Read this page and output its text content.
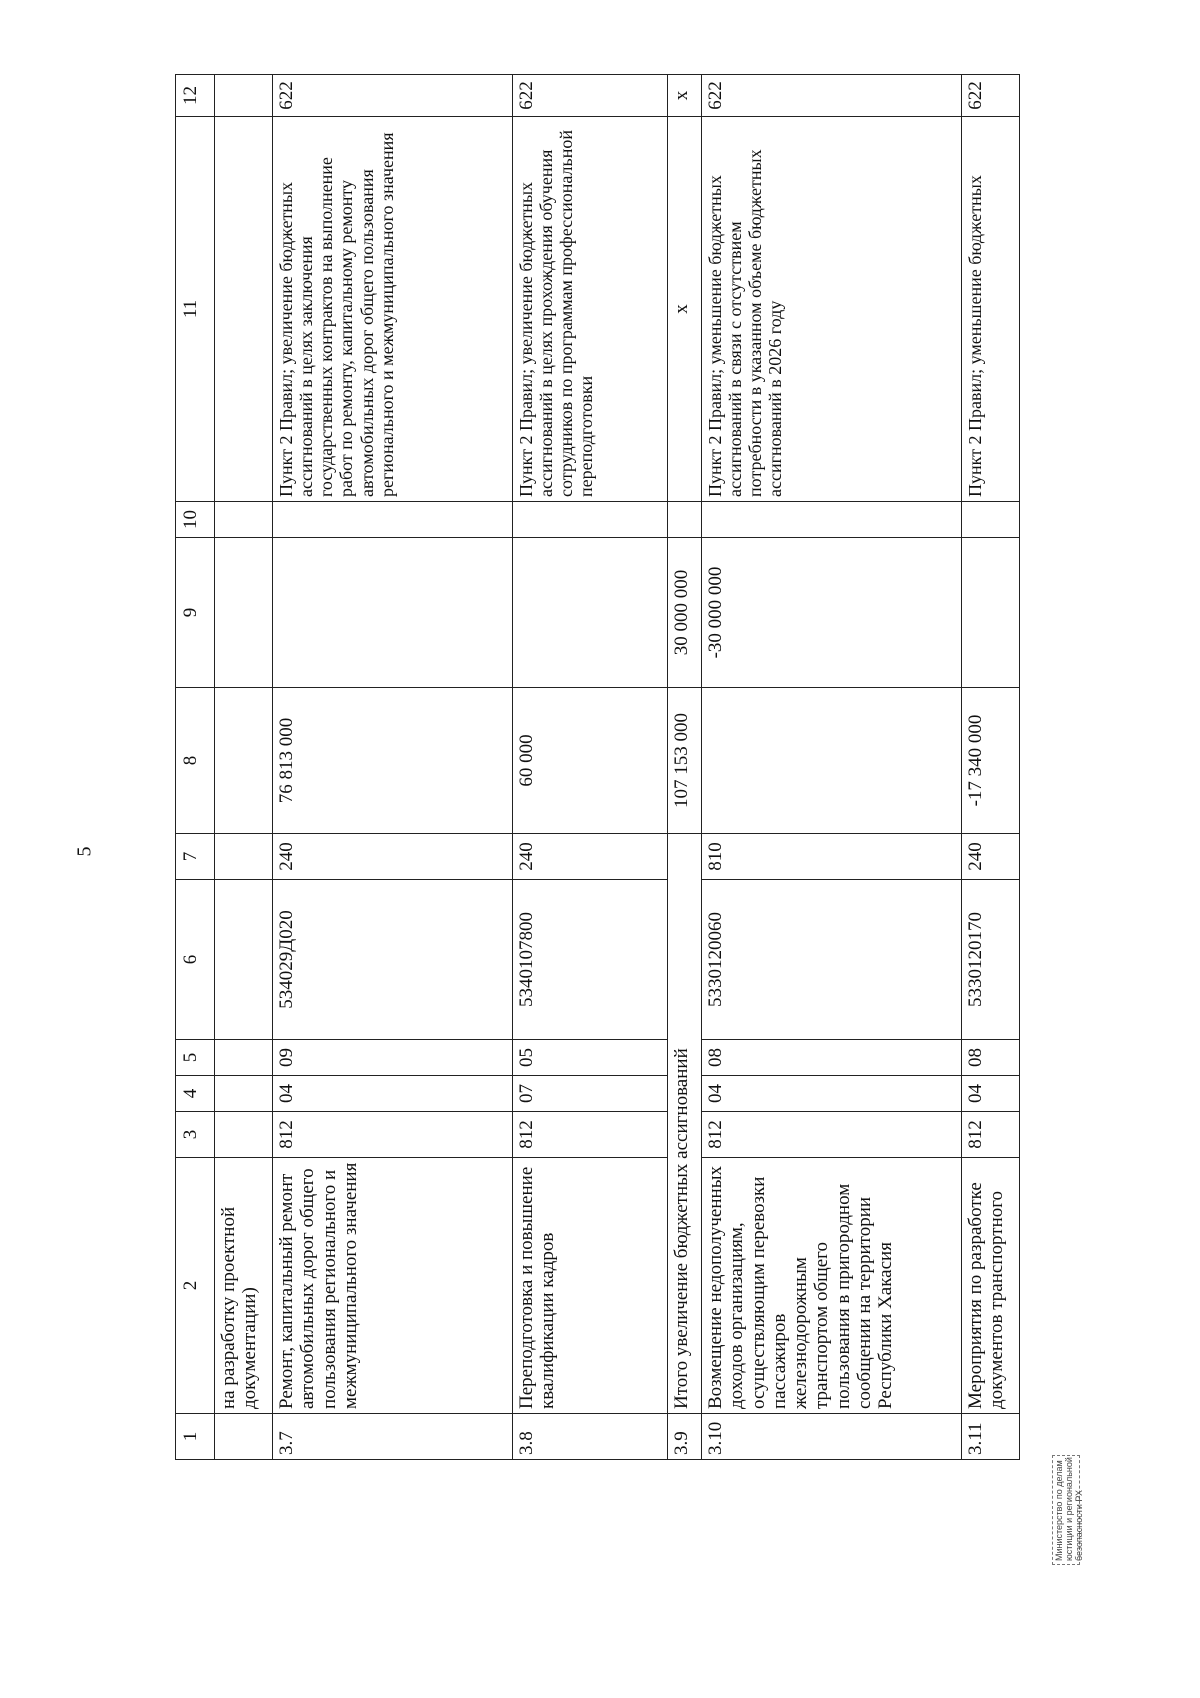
5
1	2	3	4	5	6	7	8	9	10	11	12
	на разработку проектной документации)										
3.7	Ремонт, капитальный ремонт автомобильных дорог общего пользования регионального и межмуниципального значения	812	04	09	534029Д020	240	76 813 000			Пункт 2 Правил; увеличение бюджетных ассигнований в целях заключения государственных контрактов на выполнение работ по ремонту, капитальному ремонту автомобильных дорог общего пользования регионального и межмуниципального значения	622
3.8	Переподготовка и повышение квалификации кадров	812	07	05	5340107800	240	60 000			Пункт 2 Правил; увеличение бюджетных ассигнований в целях прохождения обучения сотрудников по программам профессиональной переподготовки	622
3.9	Итого увеличение бюджетных ассигнований						107 153 000	30 000 000		x	x
3.10	Возмещение недополученных доходов организациям, осуществляющим перевозки пассажиров железнодорожным транспортом общего пользования в пригородном сообщении на территории Республики Хакасия	812	04	08	5330120060	810		-30 000 000		Пункт 2 Правил; уменьшение бюджетных ассигнований в связи с отсутствием потребности в указанном объеме бюджетных ассигнований в 2026 году	622
3.11	Мероприятия по разработке документов транспортного	812	04	08	5330120170	240	-17 340 000			Пункт 2 Правил; уменьшение бюджетных	622
Министерство по делам юстиции и региональной безопасности РХ
